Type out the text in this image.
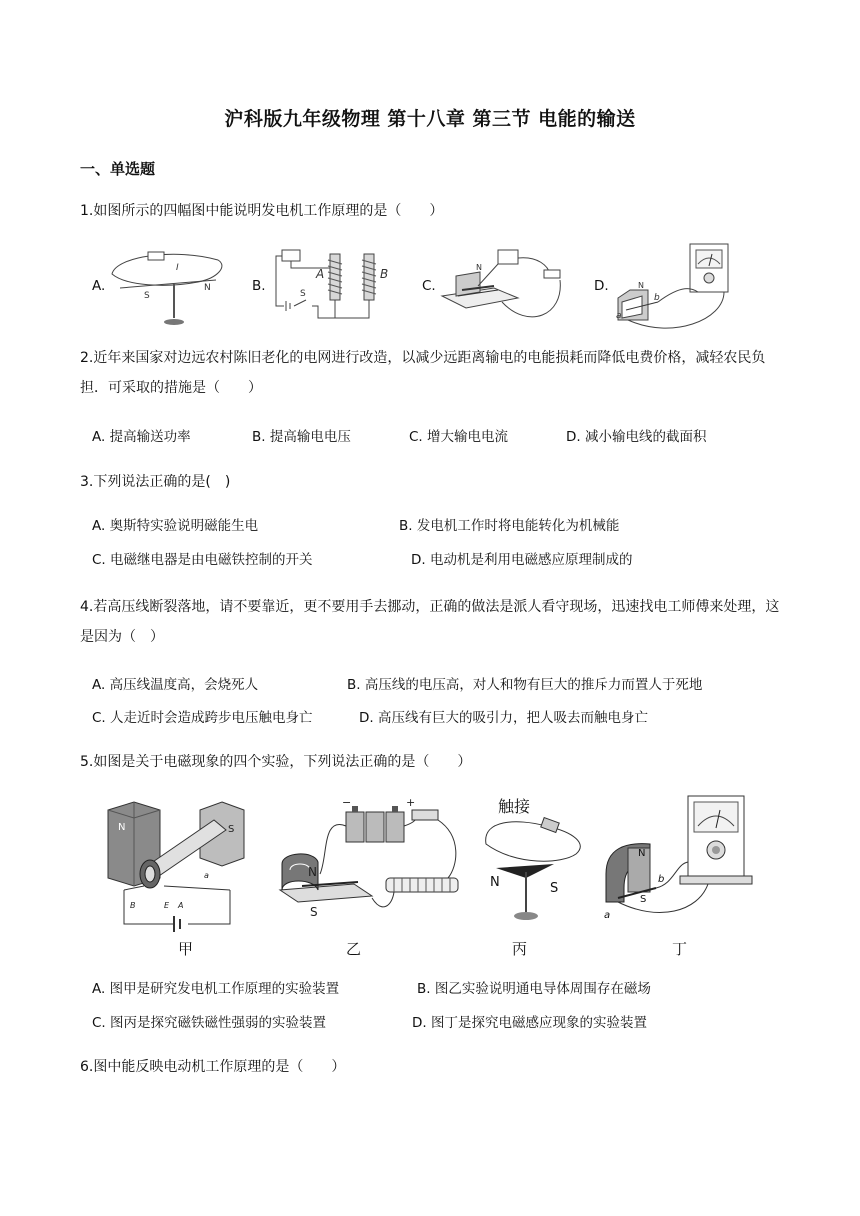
沪科版九年级物理 第十八章 第三节 电能的输送
一、单选题
1.如图所示的四幅图中能说明发电机工作原理的是（　　）
A.
I
S
N	B.
A	B
S	C.
N
D.
a
b
N
2.近年来国家对边远农村陈旧老化的电网进行改造，以减少远距离输电的电能损耗而降低电费价格，减轻农民负担．可采取的措施是（　　）
A. 提高输送功率	B. 提高输电电压	C. 增大输电电流	D. 减小输电线的截面积
3.下列说法正确的是(　)
A. 奥斯特实验说明磁能生电	B. 发电机工作时将电能转化为机械能
C. 电磁继电器是由电磁铁控制的开关	D. 电动机是利用电磁感应原理制成的
4.若高压线断裂落地，请不要靠近，更不要用手去挪动，正确的做法是派人看守现场，迅速找电工师傅来处理，这是因为（　）
A. 高压线温度高，会烧死人	B. 高压线的电压高，对人和物有巨大的推斥力而置人于死地
C. 人走近时会造成跨步电压触电身亡	D. 高压线有巨大的吸引力，把人吸去而触电身亡
5.如图是关于电磁现象的四个实验，下列说法正确的是（　　）
N	S
B	E A
a
甲
N
S
−	+
乙
触接
N	S
丙
N
S
a
b
丁
A. 图甲是研究发电机工作原理的实验装置	B. 图乙实验说明通电导体周围存在磁场
C. 图丙是探究磁铁磁性强弱的实验装置	D. 图丁是探究电磁感应现象的实验装置
6.图中能反映电动机工作原理的是（　　）
